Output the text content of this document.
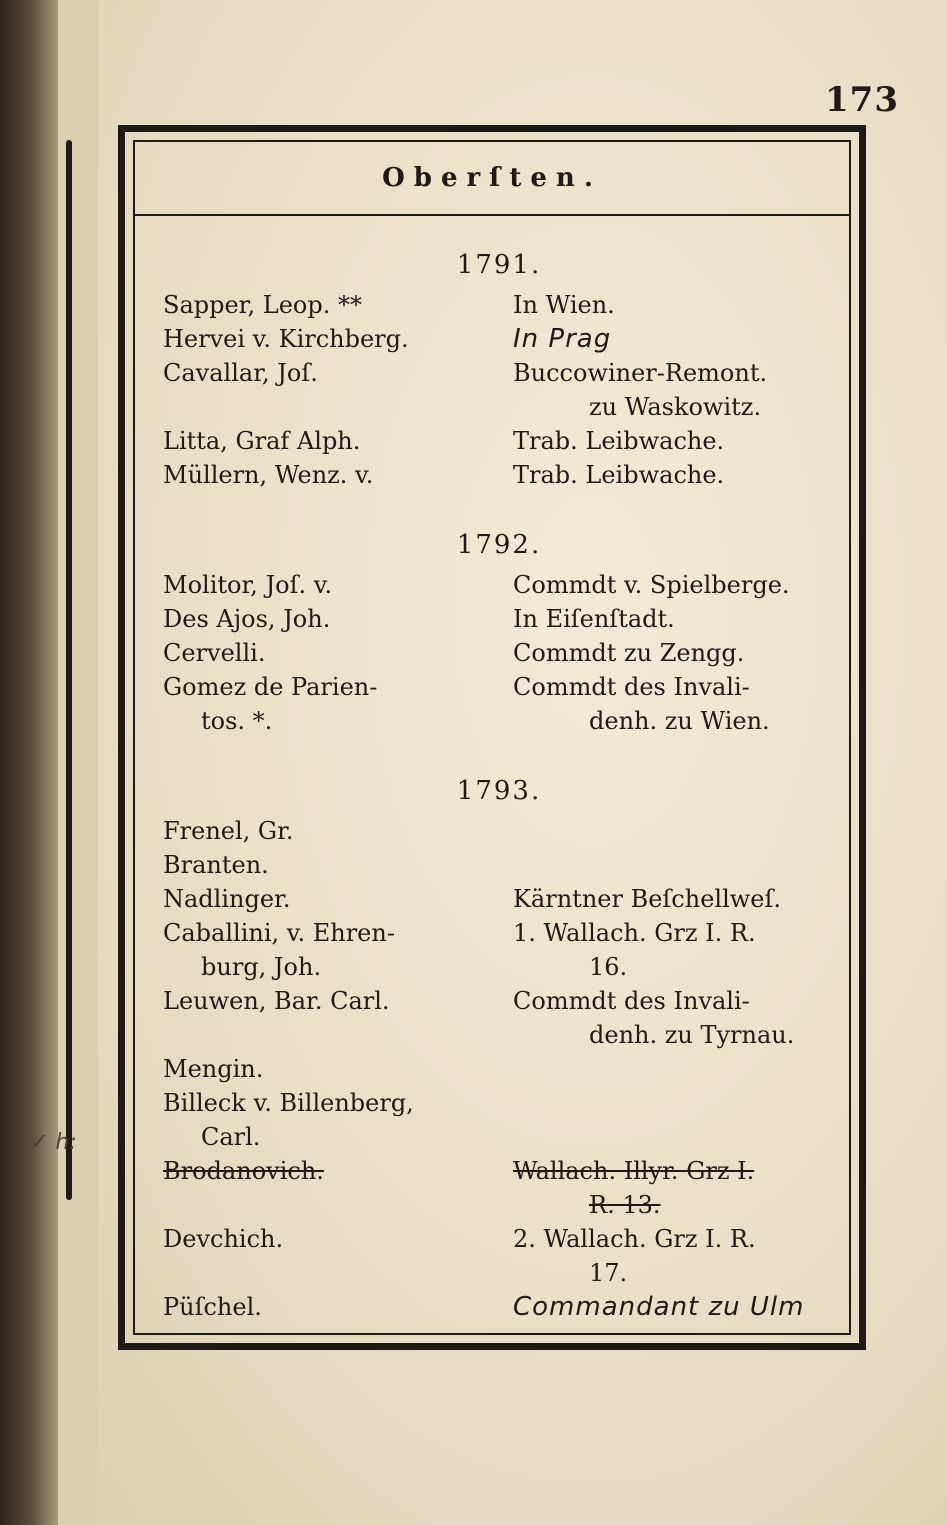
173
✓ h:
Oberſten.
1791.
Sapper, Leop. **	In Wien.
Hervei v. Kirchberg.	In Prag
Cavallar, Joſ.	Buccowiner-Remont.
zu Waskowitz.
Litta, Graf Alph.	Trab. Leibwache.
Müllern, Wenz. v.	Trab. Leibwache.
1792.
Molitor, Joſ. v.	Commdt v. Spielberge.
Des Ajos, Joh.	In Eiſenſtadt.
Cervelli.	Commdt zu Zengg.
Gomez de Parien-	Commdt des Invali-
tos. *.	denh. zu Wien.
1793.
Frenel, Gr.
Branten.
Nadlinger.	Kärntner Beſchellweſ.
Caballini, v. Ehren-	1. Wallach. Grz I. R.
burg, Joh.	16.
Leuwen, Bar. Carl.	Commdt des Invali-
denh. zu Tyrnau.
Mengin.
Billeck v. Billenberg,
Carl.
Brodanovich.	Wallach. Illyr. Grz I.
R. 13.
Devchich.	2. Wallach. Grz I. R.
17.
Püſchel.	Commandant zu Ulm
